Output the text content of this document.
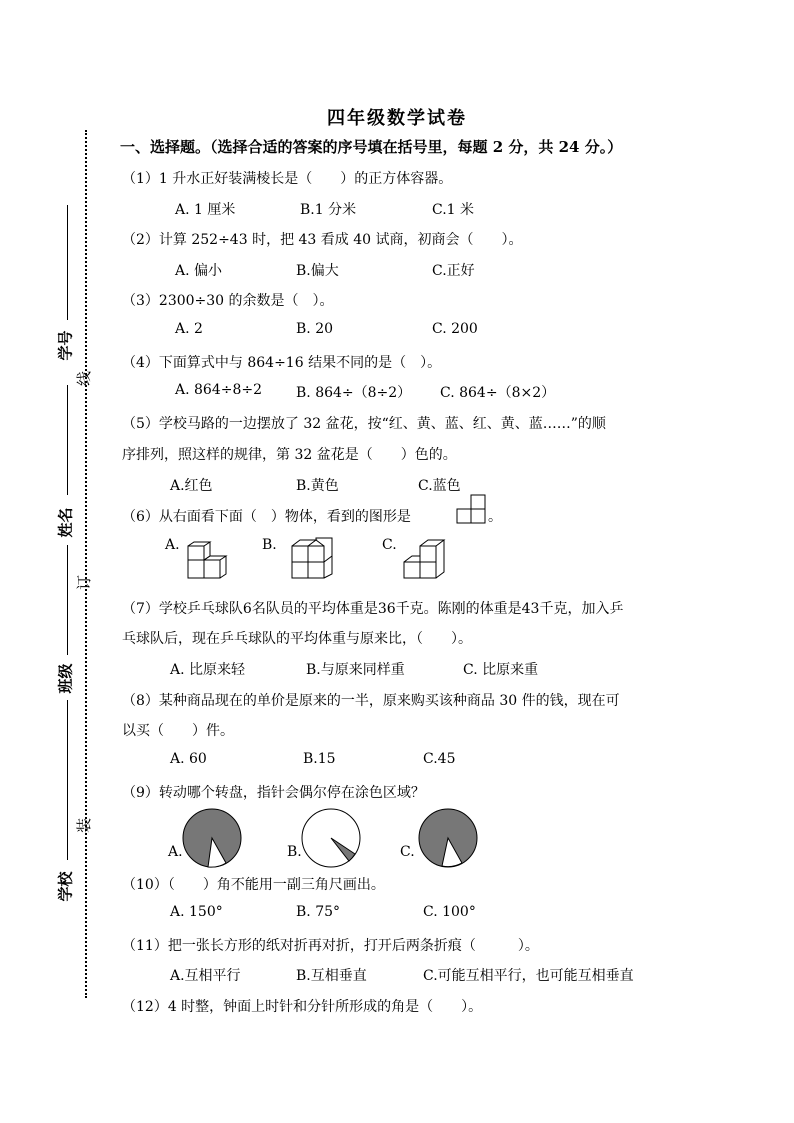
学号
线
姓名
订
班级
装
学校
四年级数学试卷
一、选择题。（选择合适的答案的序号填在括号里，每题 2 分，共 24 分。）
（1）1 升水正好装满棱长是（　　）的正方体容器。
A. 1 厘米	B.1 分米	C.1 米
（2）计算 252÷43 时，把 43 看成 40 试商，初商会（　　）。
A. 偏小	B.偏大	C.正好
（3）2300÷30 的余数是（　）。
A. 2	B. 20	C. 200
（4）下面算式中与 864÷16 结果不同的是（　）。
A. 864÷8÷2 B. 864÷（8÷2） C. 864÷（8×2）
（5）学校马路的一边摆放了 32 盆花，按“红、黄、蓝、红、黄、蓝……”的顺
序排列，照这样的规律，第 32 盆花是（　　）色的。
A.红色	B.黄色	C.蓝色
（6）从右面看下面（　）物体，看到的图形是	。
A.	B.	C.
（7）学校乒乓球队6名队员的平均体重是36千克。陈刚的体重是43千克，加入乒
乓球队后，现在乒乓球队的平均体重与原来比，（　　）。
A. 比原来轻	B.与原来同样重	C. 比原来重
（8）某种商品现在的单价是原来的一半，原来购买该种商品 30 件的钱，现在可
以买（　　）件。
A. 60	B.15	C.45
（9）转动哪个转盘，指针会偶尔停在涂色区域？
A.	B.	C.
（10）（　　）角不能用一副三角尺画出。
A. 150°	B. 75°	C. 100°
（11）把一张长方形的纸对折再对折，打开后两条折痕（　　　）。
A.互相平行	B.互相垂直	C.可能互相平行，也可能互相垂直
（12）4 时整，钟面上时针和分针所形成的角是（　　）。
